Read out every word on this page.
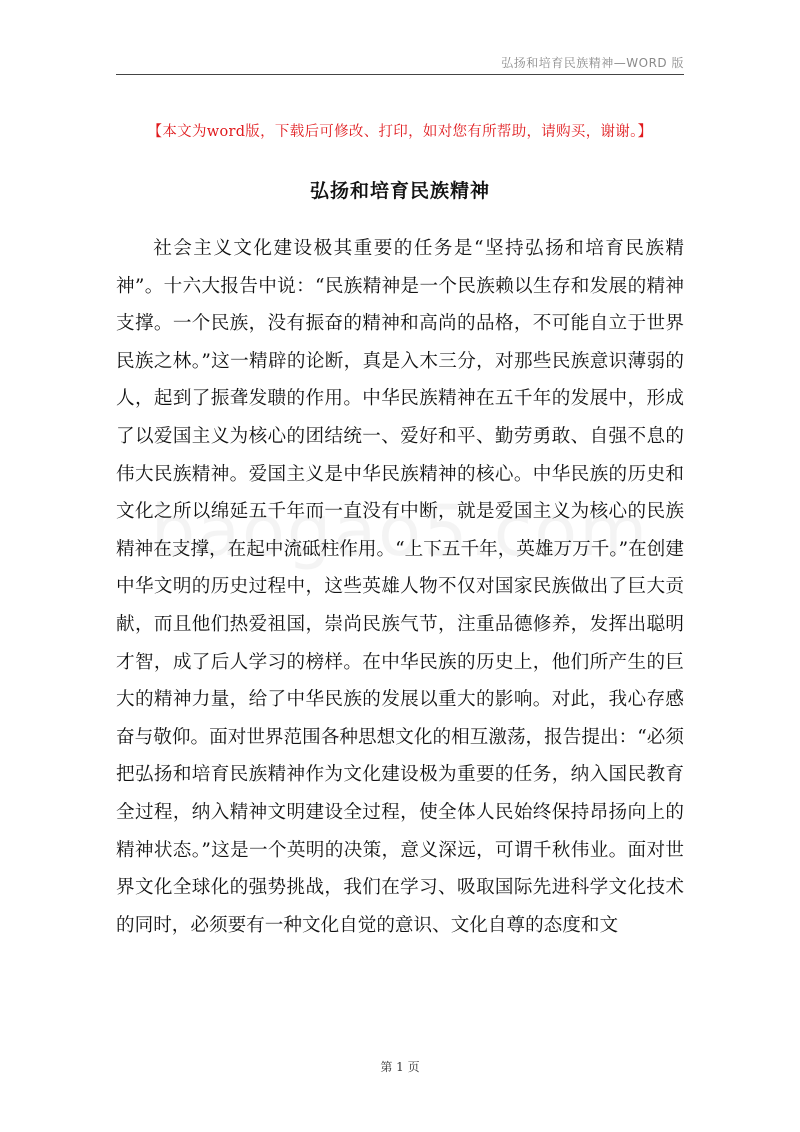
弘扬和培育民族精神—WORD 版
【本文为word版，下载后可修改、打印，如对您有所帮助，请购买，谢谢。】
弘扬和培育民族精神

社会主义文化建设极其重要的任务是“坚持弘扬和培育民族精神”。十六大报告中说：“民族精神是一个民族赖以生存和发展的精神支撑。一个民族，没有振奋的精神和高尚的品格，不可能自立于世界民族之林。”这一精辟的论断，真是入木三分，对那些民族意识薄弱的人，起到了振聋发聩的作用。中华民族精神在五千年的发展中，形成了以爱国主义为核心的团结统一、爱好和平、勤劳勇敢、自强不息的伟大民族精神。爱国主义是中华民族精神的核心。中华民族的历史和文化之所以绵延五千年而一直没有中断，就是爱国主义为核心的民族精神在支撑，在起中流砥柱作用。“上下五千年，英雄万万千。”在创建中华文明的历史过程中，这些英雄人物不仅对国家民族做出了巨大贡献，而且他们热爱祖国，崇尚民族气节，注重品德修养，发挥出聪明才智，成了后人学习的榜样。在中华民族的历史上，他们所产生的巨大的精神力量，给了中华民族的发展以重大的影响。对此，我心存感奋与敬仰。面对世界范围各种思想文化的相互激荡，报告提出：“必须把弘扬和培育民族精神作为文化建设极为重要的任务，纳入国民教育全过程，纳入精神文明建设全过程，使全体人民始终保持昂扬向上的精神状态。”这是一个英明的决策，意义深远，可谓千秋伟业。面对世界文化全球化的强势挑战，我们在学习、吸取国际先进科学文化技术的同时，必须要有一种文化自觉的意识、文化自尊的态度和文

第 1 页
